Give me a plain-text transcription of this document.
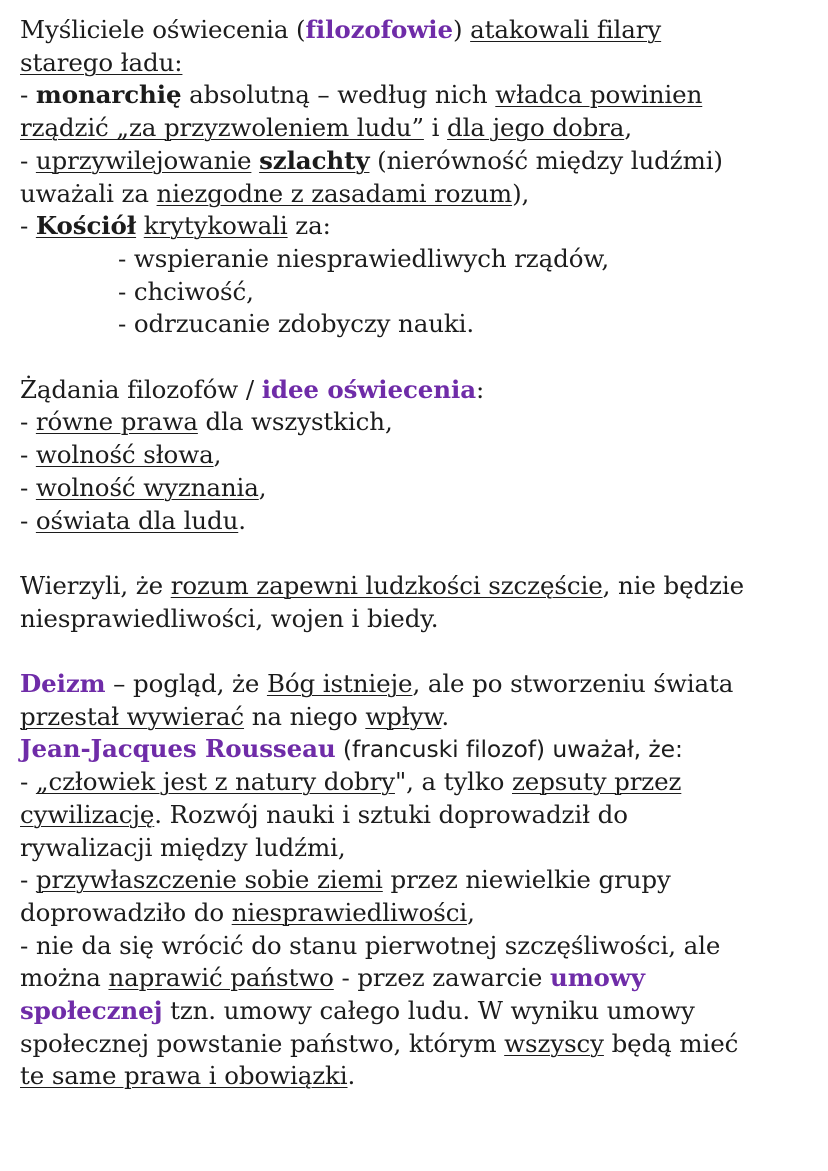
Myśliciele oświecenia (filozofowie) atakowali filary
starego ładu:
- monarchię absolutną – według nich władca powinien
rządzić „za przyzwoleniem ludu” i dla jego dobra,
- uprzywilejowanie szlachty (nierówność między ludźmi)
uważali za niezgodne z zasadami rozum),
- Kościół krytykowali za:
- wspieranie niesprawiedliwych rządów,
- chciwość,
- odrzucanie zdobyczy nauki.
Żądania filozofów / idee oświecenia:
- równe prawa dla wszystkich,
- wolność słowa,
- wolność wyznania,
- oświata dla ludu.
Wierzyli, że rozum zapewni ludzkości szczęście, nie będzie
niesprawiedliwości, wojen i biedy.
Deizm – pogląd, że Bóg istnieje, ale po stworzeniu świata
przestał wywierać na niego wpływ.
Jean-Jacques Rousseau (francuski filozof) uważał, że:
- „człowiek jest z natury dobry", a tylko zepsuty przez
cywilizację. Rozwój nauki i sztuki doprowadził do
rywalizacji między ludźmi,
- przywłaszczenie sobie ziemi przez niewielkie grupy
doprowadziło do niesprawiedliwości,
- nie da się wrócić do stanu pierwotnej szczęśliwości, ale
można naprawić państwo - przez zawarcie umowy
społecznej tzn. umowy całego ludu. W wyniku umowy
społecznej powstanie państwo, którym wszyscy będą mieć
te same prawa i obowiązki.
